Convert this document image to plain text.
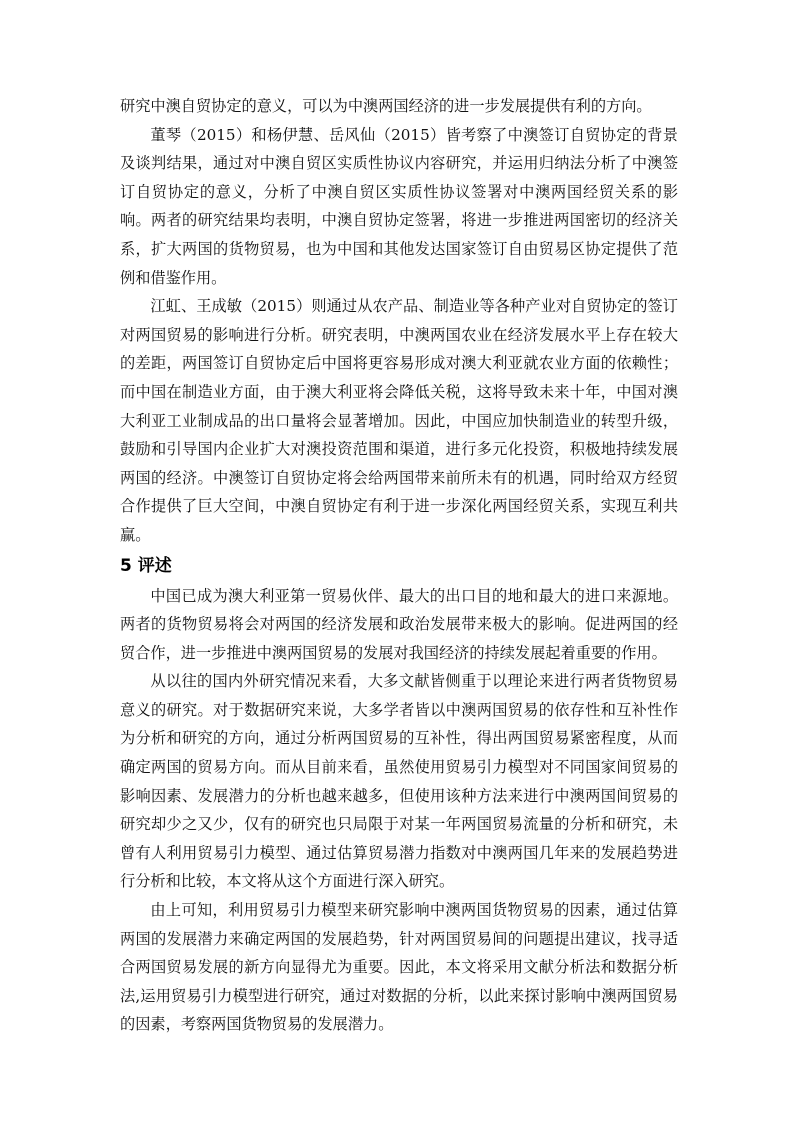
研究中澳自贸协定的意义，可以为中澳两国经济的进一步发展提供有利的方向。

董琴（2015）和杨伊慧、岳风仙（2015）皆考察了中澳签订自贸协定的背景及谈判结果，通过对中澳自贸区实质性协议内容研究，并运用归纳法分析了中澳签订自贸协定的意义，分析了中澳自贸区实质性协议签署对中澳两国经贸关系的影响。两者的研究结果均表明，中澳自贸协定签署，将进一步推进两国密切的经济关系，扩大两国的货物贸易，也为中国和其他发达国家签订自由贸易区协定提供了范例和借鉴作用。

江虹、王成敏（2015）则通过从农产品、制造业等各种产业对自贸协定的签订对两国贸易的影响进行分析。研究表明，中澳两国农业在经济发展水平上存在较大的差距，两国签订自贸协定后中国将更容易形成对澳大利亚就农业方面的依赖性；而中国在制造业方面，由于澳大利亚将会降低关税，这将导致未来十年，中国对澳大利亚工业制成品的出口量将会显著增加。因此，中国应加快制造业的转型升级，鼓励和引导国内企业扩大对澳投资范围和渠道，进行多元化投资，积极地持续发展两国的经济。中澳签订自贸协定将会给两国带来前所未有的机遇，同时给双方经贸合作提供了巨大空间，中澳自贸协定有利于进一步深化两国经贸关系，实现互利共赢。

5 评述

中国已成为澳大利亚第一贸易伙伴、最大的出口目的地和最大的进口来源地。两者的货物贸易将会对两国的经济发展和政治发展带来极大的影响。促进两国的经贸合作，进一步推进中澳两国贸易的发展对我国经济的持续发展起着重要的作用。

从以往的国内外研究情况来看，大多文献皆侧重于以理论来进行两者货物贸易意义的研究。对于数据研究来说，大多学者皆以中澳两国贸易的依存性和互补性作为分析和研究的方向，通过分析两国贸易的互补性，得出两国贸易紧密程度，从而确定两国的贸易方向。而从目前来看，虽然使用贸易引力模型对不同国家间贸易的影响因素、发展潜力的分析也越来越多，但使用该种方法来进行中澳两国间贸易的研究却少之又少，仅有的研究也只局限于对某一年两国贸易流量的分析和研究，未曾有人利用贸易引力模型、通过估算贸易潜力指数对中澳两国几年来的发展趋势进行分析和比较，本文将从这个方面进行深入研究。

由上可知，利用贸易引力模型来研究影响中澳两国货物贸易的因素，通过估算两国的发展潜力来确定两国的发展趋势，针对两国贸易间的问题提出建议，找寻适合两国贸易发展的新方向显得尤为重要。因此，本文将采用文献分析法和数据分析法,运用贸易引力模型进行研究，通过对数据的分析，以此来探讨影响中澳两国贸易的因素，考察两国货物贸易的发展潜力。
